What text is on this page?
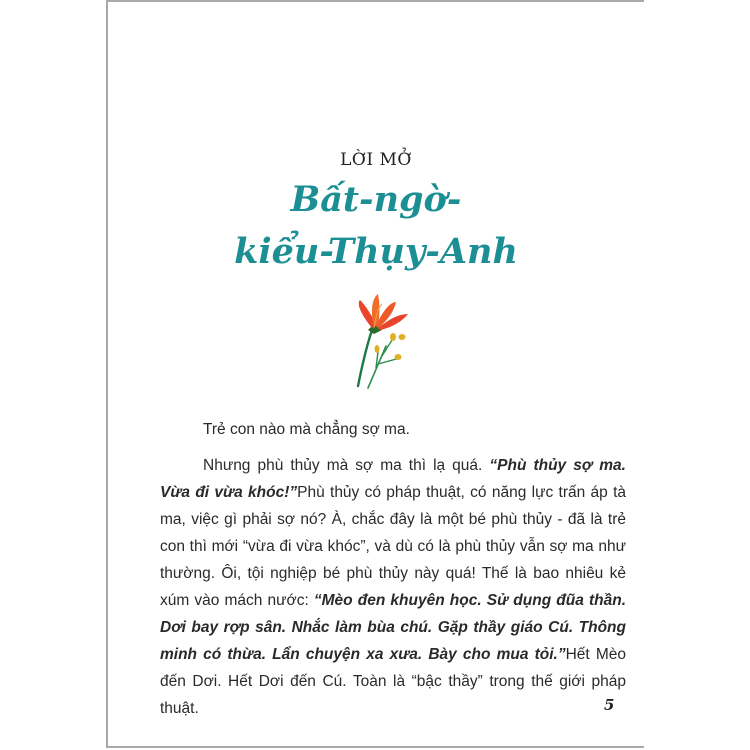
LỜI MỞ
Bất-ngờ-
kiểu-Thụy-Anh

Trẻ con nào mà chẳng sợ ma.

Nhưng phù thủy mà sợ ma thì lạ quá. “Phù thủy sợ ma. Vừa đi vừa khóc!”Phù thủy có pháp thuật, có năng lực trấn áp tà ma, việc gì phải sợ nó? À, chắc đây là một bé phù thủy - đã là trẻ con thì mới “vừa đi vừa khóc”, và dù có là phù thủy vẫn sợ ma như thường. Ôi, tội nghiệp bé phù thủy này quá! Thế là bao nhiêu kẻ xúm vào mách nước: “Mèo đen khuyên học. Sử dụng đũa thần. Dơi bay rợp sân. Nhắc làm bùa chú. Gặp thầy giáo Cú. Thông minh có thừa. Lẩn chuyện xa xưa. Bày cho mua tỏi.”Hết Mèo đến Dơi. Hết Dơi đến Cú. Toàn là “bậc thầy” trong thế giới pháp thuật.	5
